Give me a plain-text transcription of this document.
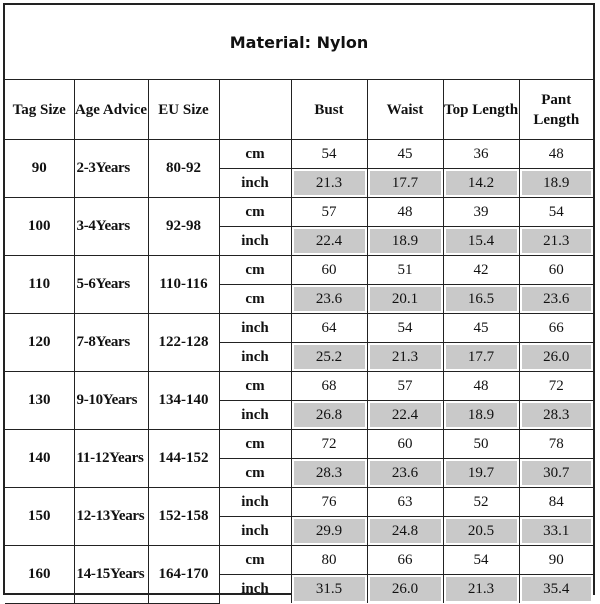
Material: Nylon
Tag Size	Age Advice	EU Size		Bust	Waist	Top Length	Pant Length
90	2-3Years	80-92	cm	54	45	36	48
			inch	21.3	17.7	14.2	18.9
100	3-4Years	92-98	cm	57	48	39	54
			inch	22.4	18.9	15.4	21.3
110	5-6Years	110-116	cm	60	51	42	60
			cm	23.6	20.1	16.5	23.6
120	7-8Years	122-128	inch	64	54	45	66
			inch	25.2	21.3	17.7	26.0
130	9-10Years	134-140	cm	68	57	48	72
			inch	26.8	22.4	18.9	28.3
140	11-12Years	144-152	cm	72	60	50	78
			cm	28.3	23.6	19.7	30.7
150	12-13Years	152-158	inch	76	63	52	84
			inch	29.9	24.8	20.5	33.1
160	14-15Years	164-170	cm	80	66	54	90
			inch	31.5	26.0	21.3	35.4
